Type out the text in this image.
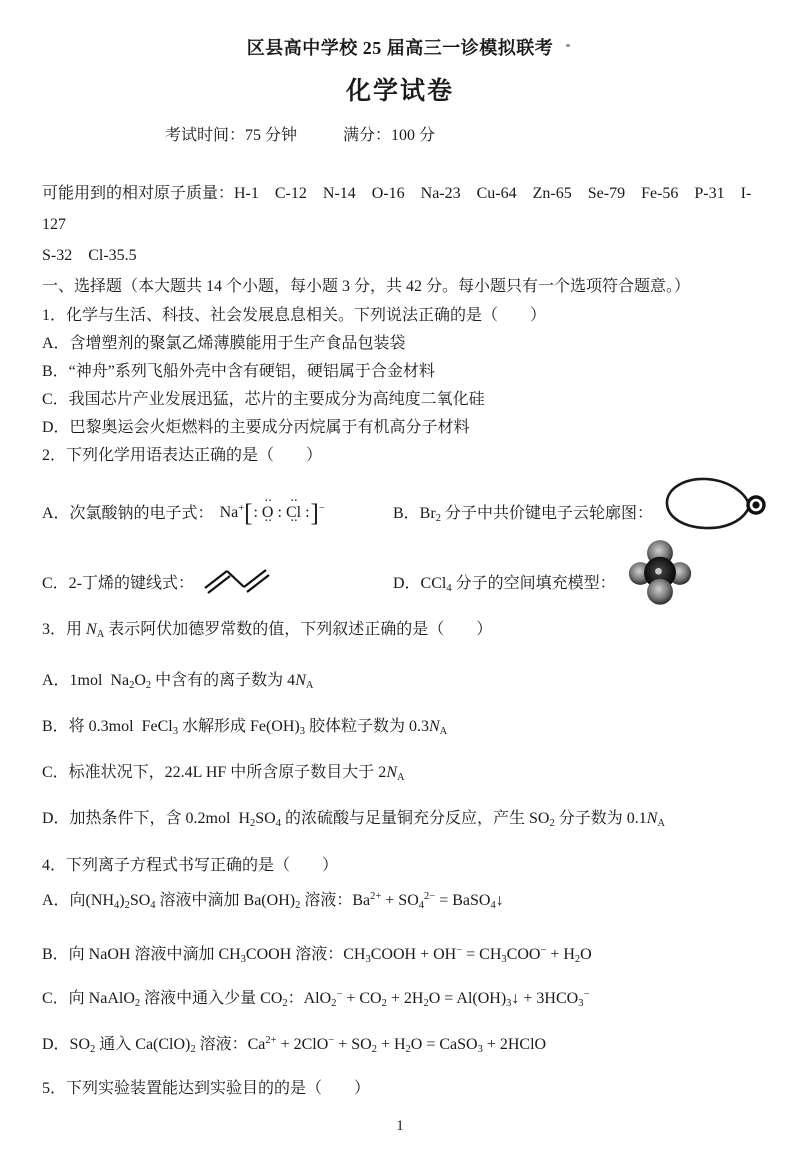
区县高中学校 25 届高三一诊模拟联考
化学试卷
考试时间：75 分钟	满分：100 分
可能用到的相对原子质量：H-1 C-12 N-14 O-16 Na-23 Cu-64 Zn-65 Se-79 Fe-56 P-31 I-127
S-32 Cl-35.5
一、选择题（本大题共 14 个小题，每小题 3 分，共 42 分。每小题只有一个选项符合题意。）
1．化学与生活、科技、社会发展息息相关。下列说法正确的是（　　）
A．含增塑剂的聚氯乙烯薄膜能用于生产食品包装袋
B．“神舟”系列飞船外壳中含有硬铝，硬铝属于合金材料
C．我国芯片产业发展迅猛，芯片的主要成分为高纯度二氧化硅
D．巴黎奥运会火炬燃料的主要成分丙烷属于有机高分子材料
2．下列化学用语表达正确的是（　　）
A．次氯酸钠的电子式： Na+[: ·· O ·· : ·· Cl ·· :]−	B．$Br_2$ 分子中共价键电子云轮廓图：
C．2-丁烯的键线式：	D．CCl$_4$ 分子的空间填充模型：
3．用 $N_A$ 表示阿伏加德罗常数的值，下列叙述正确的是（　　）
A．1mol $Na_2O_2$ 中含有的离子数为 $4N_A$
B．将 0.3mol FeCl$_3$ 水解形成 $Fe(OH)_3$ 胶体粒子数为 $0.3N_A$
C．标准状况下，22.4L HF 中所含原子数目大于 $2N_A$
D．加热条件下，含 0.2mol $H_2SO_4$ 的浓硫酸与足量铜充分反应，产生 $SO_2$ 分子数为 $0.1N_A$
4．下列离子方程式书写正确的是（　　）
A．向$(NH_4)_2SO_4$ 溶液中滴加 $Ba(OH)_2$ 溶液：$Ba^{2+} + SO_4^{2-}$ = BaSO$_4$↓
B．向 NaOH 溶液中滴加 $CH_3COOH$ 溶液：$CH_3COOH + OH^- = CH_3COO^- + H_2O$
C．向 NaAlO$_2$ 溶液中通入少量 $CO_2$：$AlO_2^- + CO_2 + 2H_2O$ = $Al(OH)_3↓ + 3HCO_3^-$
D．$SO_2$ 通入 $Ca(ClO)_2$ 溶液：$Ca^{2+} + 2ClO^- + SO_2 + H_2O$ = CaSO$_3$ + 2HClO
5．下列实验装置能达到实验目的的是（　　）
1
